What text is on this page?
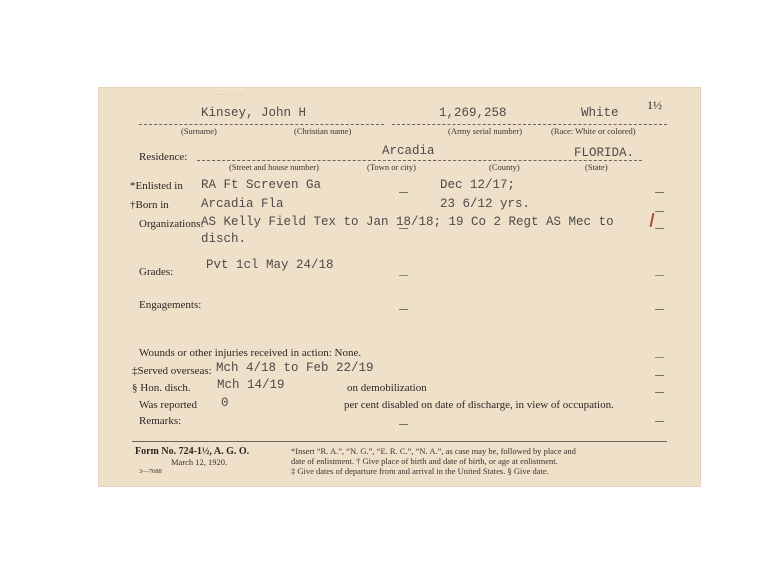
⋯ ⋯ ⋯
1½
Kinsey, John H	1,269,258	White
(Surname)	(Christian name)	(Army serial number)	(Race: White or colored)
Residence:	Arcadia	FLORIDA.
(Street and house number)	(Town or city)	(County)	(State)
*Enlisted in RA Ft Screven Ga	Dec 12/17;
†Born in	Arcadia Fla	23 6/12 yrs.
Organizations:
AS Kelly Field Tex to Jan 18/18; 19 Co 2 Regt AS Mec to
disch.
Grades:	Pvt 1cl May 24/18
Engagements:
Wounds or other injuries received in action: None.
‡Served overseas: Mch 4/18 to Feb 22/19
§ Hon. disch. Mch 14/19	on demobilization
Was reported 0	per cent disabled on date of discharge, in view of occupation.
Remarks:
Form No. 724-1½, A. G. O.
March 12, 1920.
3—7688
*Insert “R. A.”, “N. G.”, “E. R. C.”, “N. A.”, as case may be, followed by place and
date of enlistment. † Give place of birth and date of birth, or age at enlistment.
‡ Give dates of departure from and arrival in the United States. § Give date.
